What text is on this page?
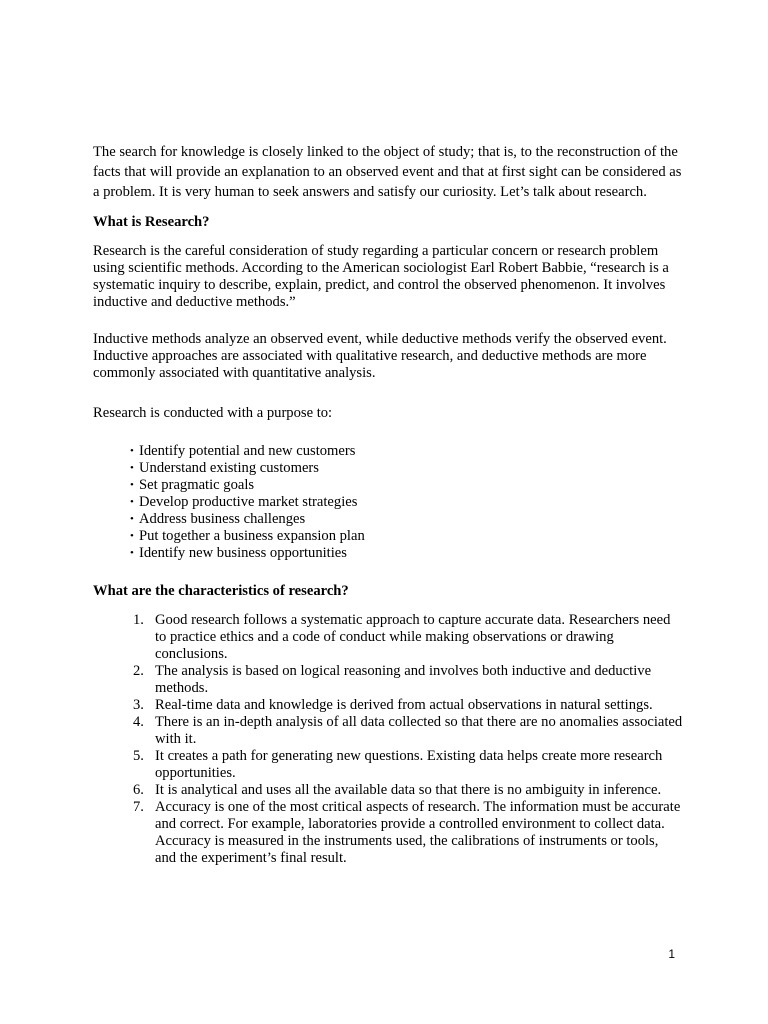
The search for knowledge is closely linked to the object of study; that is, to the reconstruction of the facts that will provide an explanation to an observed event and that at first sight can be considered as a problem. It is very human to seek answers and satisfy our curiosity. Let’s talk about research.

What is Research?

Research is the careful consideration of study regarding a particular concern or research problem using scientific methods. According to the American sociologist Earl Robert Babbie, “research is a systematic inquiry to describe, explain, predict, and control the observed phenomenon. It involves inductive and deductive methods.”

Inductive methods analyze an observed event, while deductive methods verify the observed event. Inductive approaches are associated with qualitative research, and deductive methods are more commonly associated with quantitative analysis.

Research is conducted with a purpose to:

• Identify potential and new customers
• Understand existing customers
• Set pragmatic goals
• Develop productive market strategies
• Address business challenges
• Put together a business expansion plan
• Identify new business opportunities

What are the characteristics of research?

1. Good research follows a systematic approach to capture accurate data. Researchers need to practice ethics and a code of conduct while making observations or drawing conclusions.
2. The analysis is based on logical reasoning and involves both inductive and deductive methods.
3. Real-time data and knowledge is derived from actual observations in natural settings.
4. There is an in-depth analysis of all data collected so that there are no anomalies associated with it.
5. It creates a path for generating new questions. Existing data helps create more research opportunities.
6. It is analytical and uses all the available data so that there is no ambiguity in inference.
7. Accuracy is one of the most critical aspects of research. The information must be accurate and correct. For example, laboratories provide a controlled environment to collect data. Accuracy is measured in the instruments used, the calibrations of instruments or tools, and the experiment’s final result.
1
